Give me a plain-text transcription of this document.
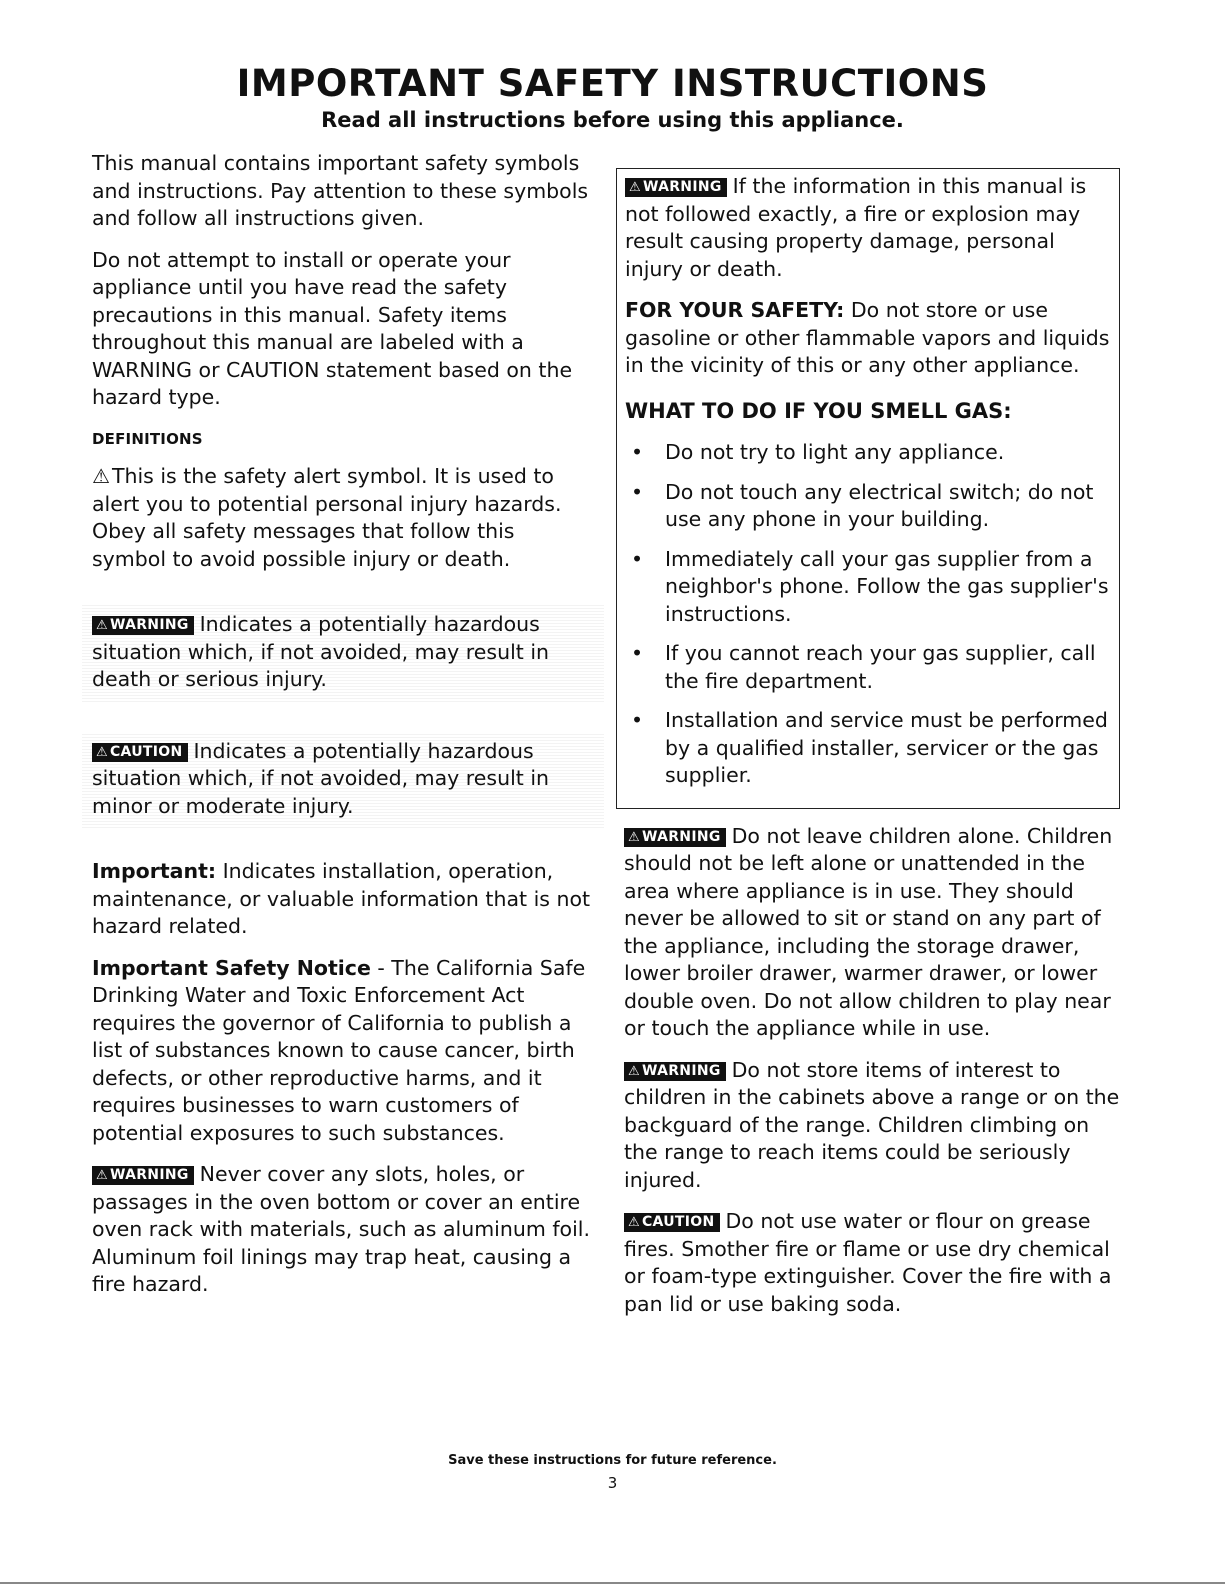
IMPORTANT SAFETY INSTRUCTIONS
Read all instructions before using this appliance.

This manual contains important safety symbols and instructions. Pay attention to these symbols and follow all instructions given.

Do not attempt to install or operate your appliance until you have read the safety precautions in this manual. Safety items throughout this manual are labeled with a WARNING or CAUTION statement based on the hazard type.

DEFINITIONS

⚠This is the safety alert symbol. It is used to alert you to potential personal injury hazards. Obey all safety messages that follow this symbol to avoid possible injury or death.

⚠ WARNING Indicates a potentially hazardous situation which, if not avoided, may result in death or serious injury.
⚠ CAUTION Indicates a potentially hazardous situation which, if not avoided, may result in minor or moderate injury.

Important: Indicates installation, operation, maintenance, or valuable information that is not hazard related.

Important Safety Notice - The California Safe Drinking Water and Toxic Enforcement Act requires the governor of California to publish a list of substances known to cause cancer, birth defects, or other reproductive harms, and it requires businesses to warn customers of potential exposures to such substances.

⚠ WARNING Never cover any slots, holes, or passages in the oven bottom or cover an entire oven rack with materials, such as aluminum foil. Aluminum foil linings may trap heat, causing a fire hazard.

⚠ WARNING If the information in this manual is not followed exactly, a fire or explosion may result causing property damage, personal injury or death.

FOR YOUR SAFETY: Do not store or use gasoline or other flammable vapors and liquids in the vicinity of this or any other appliance.

WHAT TO DO IF YOU SMELL GAS:
• Do not try to light any appliance.
• Do not touch any electrical switch; do not use any phone in your building.
• Immediately call your gas supplier from a neighbor's phone. Follow the gas supplier's instructions.
• If you cannot reach your gas supplier, call the fire department.
• Installation and service must be performed by a qualified installer, servicer or the gas supplier.

⚠ WARNING Do not leave children alone. Children should not be left alone or unattended in the area where appliance is in use. They should never be allowed to sit or stand on any part of the appliance, including the storage drawer, lower broiler drawer, warmer drawer, or lower double oven. Do not allow children to play near or touch the appliance while in use.

⚠ WARNING Do not store items of interest to children in the cabinets above a range or on the backguard of the range. Children climbing on the range to reach items could be seriously injured.

⚠ CAUTION Do not use water or flour on grease fires. Smother fire or flame or use dry chemical or foam-type extinguisher. Cover the fire with a pan lid or use baking soda.

Save these instructions for future reference.
3
